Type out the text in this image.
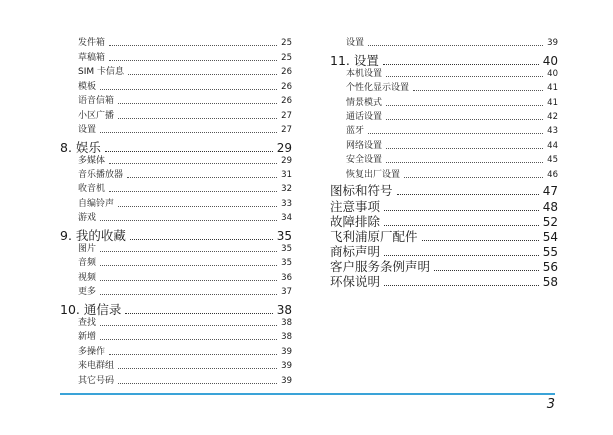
发件箱	25
草稿箱	25
SIM 卡信息	26
模板	26
语音信箱	26
小区广播	27
设置	27
8. 娱乐	29
多媒体	29
音乐播放器	31
收音机	32
自编铃声	33
游戏	34
9. 我的收藏	35
图片	35
音频	35
视频	36
更多	37
10. 通信录	38
查找	38
新增	38
多操作	39
来电群组	39
其它号码	39
设置	39
11. 设置	40
本机设置	40
个性化显示设置	41
情景模式	41
通话设置	42
蓝牙	43
网络设置	44
安全设置	45
恢复出厂设置	46
图标和符号	47
注意事项	48
故障排除	52
飞利浦原厂配件	54
商标声明	55
客户服务条例声明	56
环保说明	58
3
